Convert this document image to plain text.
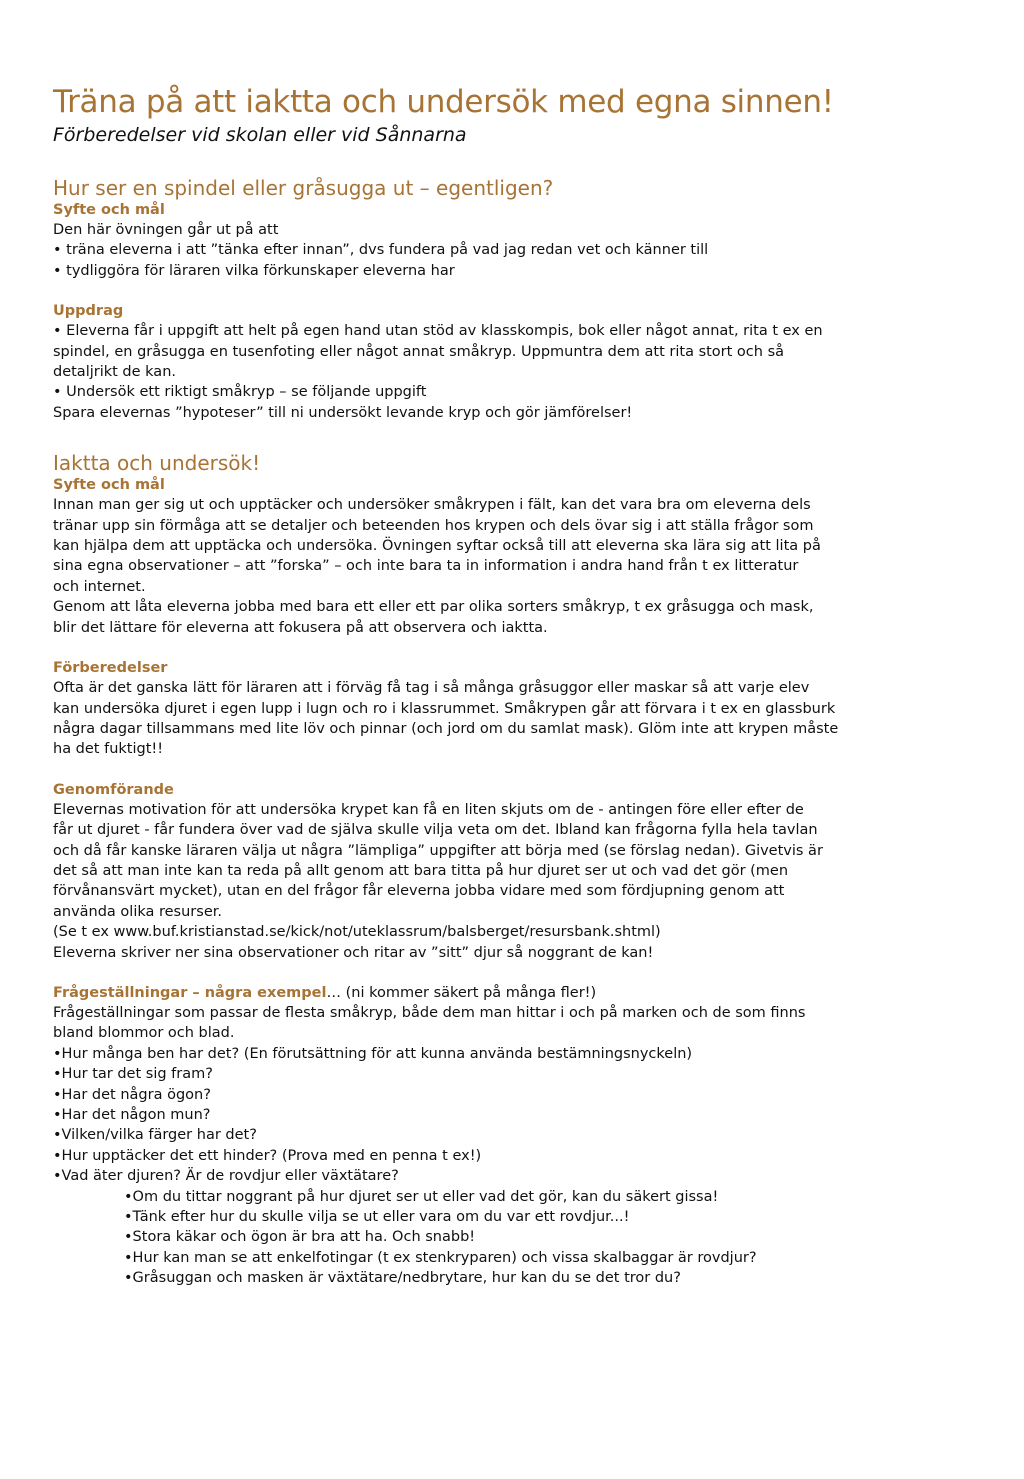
Träna på att iaktta och undersök med egna sinnen!
Förberedelser vid skolan eller vid Sånnarna
Hur ser en spindel eller gråsugga ut – egentligen?
Syfte och mål
Den här övningen går ut på att
• träna eleverna i att ”tänka efter innan”, dvs fundera på vad jag redan vet och känner till
• tydliggöra för läraren vilka förkunskaper eleverna har
Uppdrag
• Eleverna får i uppgift att helt på egen hand utan stöd av klasskompis, bok eller något annat, rita t ex en
spindel, en gråsugga en tusenfoting eller något annat småkryp. Uppmuntra dem att rita stort och så
detaljrikt de kan.
• Undersök ett riktigt småkryp – se följande uppgift
Spara elevernas ”hypoteser” till ni undersökt levande kryp och gör jämförelser!
Iaktta och undersök!
Syfte och mål
Innan man ger sig ut och upptäcker och undersöker småkrypen i fält, kan det vara bra om eleverna dels
tränar upp sin förmåga att se detaljer och beteenden hos krypen och dels övar sig i att ställa frågor som
kan hjälpa dem att upptäcka och undersöka. Övningen syftar också till att eleverna ska lära sig att lita på
sina egna observationer – att ”forska” – och inte bara ta in information i andra hand från t ex litteratur
och internet.
Genom att låta eleverna jobba med bara ett eller ett par olika sorters småkryp, t ex gråsugga och mask,
blir det lättare för eleverna att fokusera på att observera och iaktta.
Förberedelser
Ofta är det ganska lätt för läraren att i förväg få tag i så många gråsuggor eller maskar så att varje elev
kan undersöka djuret i egen lupp i lugn och ro i klassrummet. Småkrypen går att förvara i t ex en glassburk
några dagar tillsammans med lite löv och pinnar (och jord om du samlat mask). Glöm inte att krypen måste
ha det fuktigt!!
Genomförande
Elevernas motivation för att undersöka krypet kan få en liten skjuts om de - antingen före eller efter de
får ut djuret - får fundera över vad de själva skulle vilja veta om det. Ibland kan frågorna fylla hela tavlan
och då får kanske läraren välja ut några ”lämpliga” uppgifter att börja med (se förslag nedan). Givetvis är
det så att man inte kan ta reda på allt genom att bara titta på hur djuret ser ut och vad det gör (men
förvånansvärt mycket), utan en del frågor får eleverna jobba vidare med som fördjupning genom att
använda olika resurser.
(Se t ex www.buf.kristianstad.se/kick/not/uteklassrum/balsberget/resursbank.shtml)
Eleverna skriver ner sina observationer och ritar av ”sitt” djur så noggrant de kan!
Frågeställningar – några exempel… (ni kommer säkert på många fler!)
Frågeställningar som passar de flesta småkryp, både dem man hittar i och på marken och de som finns
bland blommor och blad.
•Hur många ben har det? (En förutsättning för att kunna använda bestämningsnyckeln)
•Hur tar det sig fram?
•Har det några ögon?
•Har det någon mun?
•Vilken/vilka färger har det?
•Hur upptäcker det ett hinder? (Prova med en penna t ex!)
•Vad äter djuren? Är de rovdjur eller växtätare?
•Om du tittar noggrant på hur djuret ser ut eller vad det gör, kan du säkert gissa!
•Tänk efter hur du skulle vilja se ut eller vara om du var ett rovdjur...!
•Stora käkar och ögon är bra att ha. Och snabb!
•Hur kan man se att enkelfotingar (t ex stenkryparen) och vissa skalbaggar är rovdjur?
•Gråsuggan och masken är växtätare/nedbrytare, hur kan du se det tror du?
